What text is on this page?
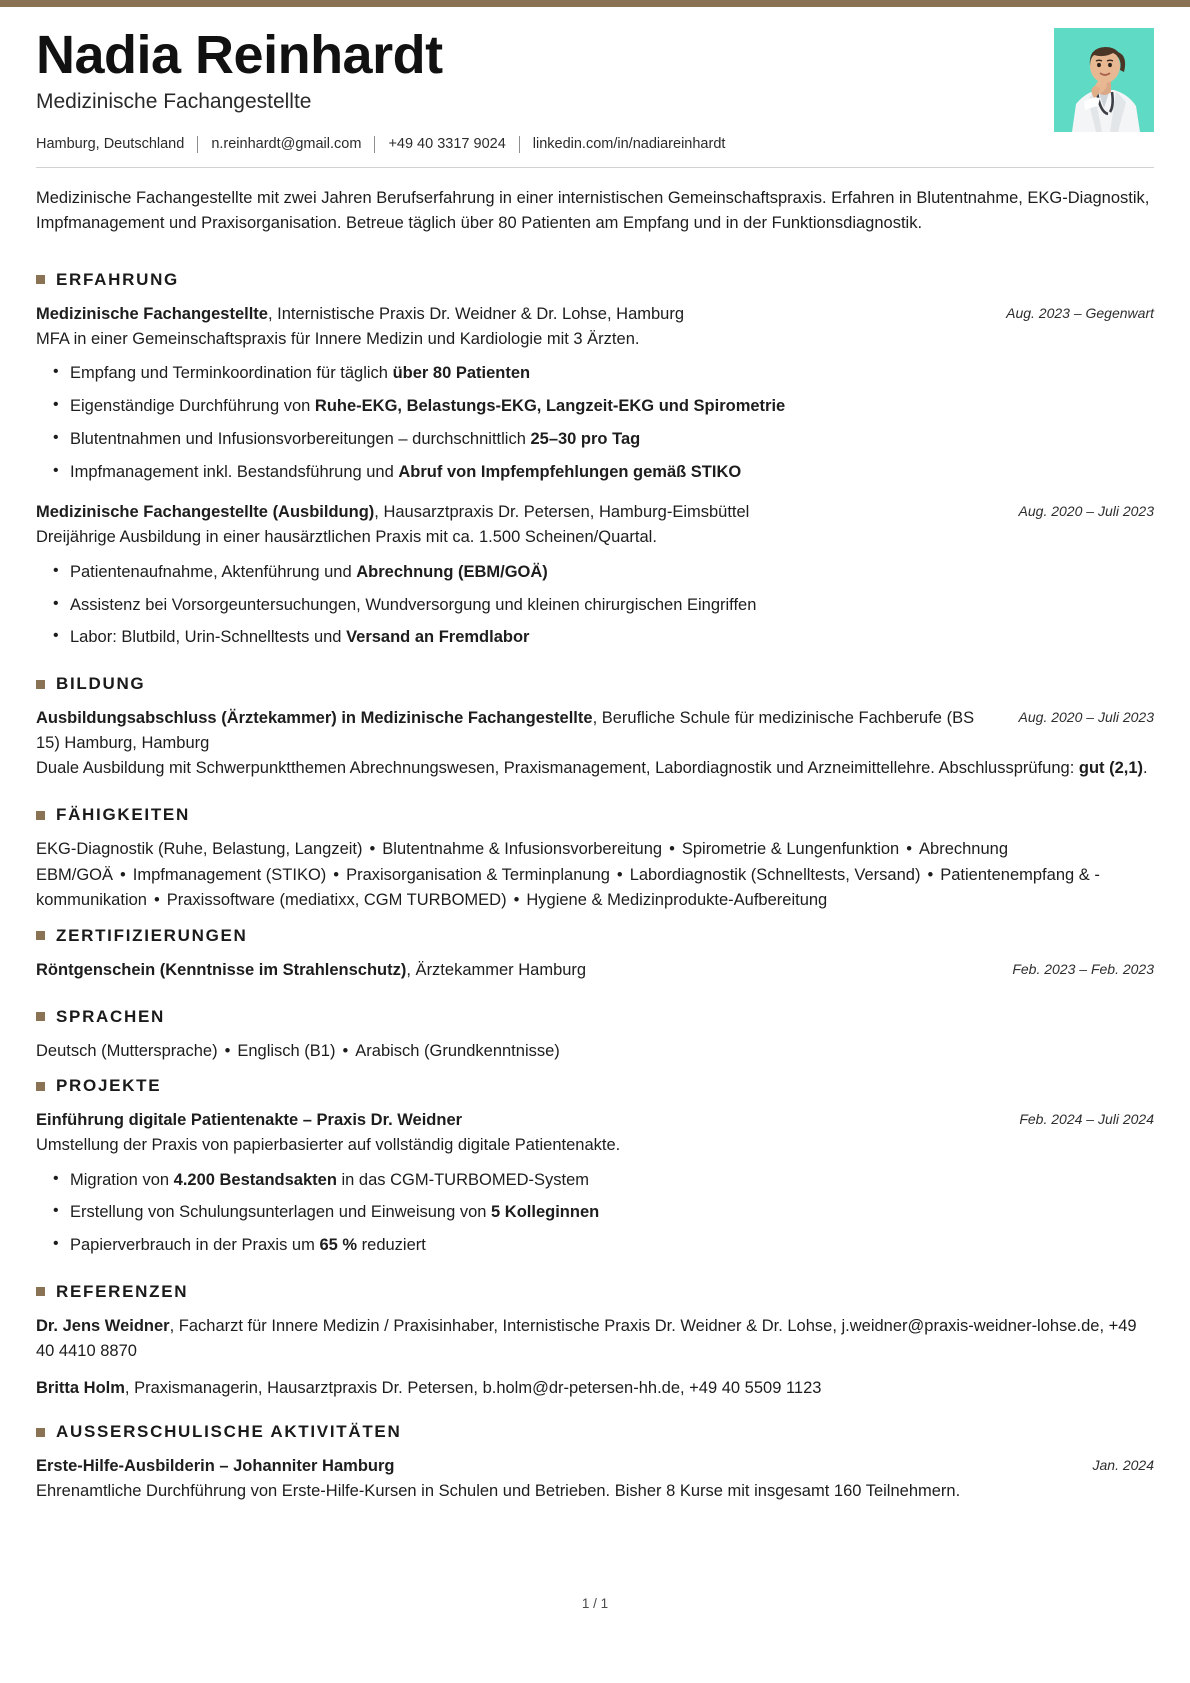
Nadia Reinhardt
Medizinische Fachangestellte
Hamburg, Deutschland n.reinhardt@gmail.com +49 40 3317 9024 linkedin.com/in/nadiareinhardt
Medizinische Fachangestellte mit zwei Jahren Berufserfahrung in einer internistischen Gemeinschaftspraxis. Erfahren in Blutentnahme, EKG-Diagnostik, Impfmanagement und Praxisorganisation. Betreue täglich über 80 Patienten am Empfang und in der Funktionsdiagnostik.
ERFAHRUNG
Medizinische Fachangestellte, Internistische Praxis Dr. Weidner & Dr. Lohse, Hamburg	Aug. 2023 – Gegenwart
MFA in einer Gemeinschaftspraxis für Innere Medizin und Kardiologie mit 3 Ärzten.
• Empfang und Terminkoordination für täglich über 80 Patienten
• Eigenständige Durchführung von Ruhe-EKG, Belastungs-EKG, Langzeit-EKG und Spirometrie
• Blutentnahmen und Infusionsvorbereitungen – durchschnittlich 25–30 pro Tag
• Impfmanagement inkl. Bestandsführung und Abruf von Impfempfehlungen gemäß STIKO
Medizinische Fachangestellte (Ausbildung), Hausarztpraxis Dr. Petersen, Hamburg-Eimsbüttel	Aug. 2020 – Juli 2023
Dreijährige Ausbildung in einer hausärztlichen Praxis mit ca. 1.500 Scheinen/Quartal.
• Patientenaufnahme, Aktenführung und Abrechnung (EBM/GOÄ)
• Assistenz bei Vorsorgeuntersuchungen, Wundversorgung und kleinen chirurgischen Eingriffen
• Labor: Blutbild, Urin-Schnelltests und Versand an Fremdlabor
BILDUNG
Ausbildungsabschluss (Ärztekammer) in Medizinische Fachangestellte, Berufliche Schule für medizinische Fachberufe (BS 15) Hamburg, Hamburg
Aug. 2020 – Juli 2023
Duale Ausbildung mit Schwerpunktthemen Abrechnungswesen, Praxismanagement, Labordiagnostik und Arzneimittellehre. Abschlussprüfung: gut (2,1).
FÄHIGKEITEN
EKG-Diagnostik (Ruhe, Belastung, Langzeit) • Blutentnahme & Infusionsvorbereitung • Spirometrie & Lungenfunktion • Abrechnung EBM/GOÄ • Impfmanagement (STIKO) • Praxisorganisation & Terminplanung • Labordiagnostik (Schnelltests, Versand) • Patientenempfang & -kommunikation • Praxissoftware (mediatixx, CGM TURBOMED) • Hygiene & Medizinprodukte-Aufbereitung
ZERTIFIZIERUNGEN
Röntgenschein (Kenntnisse im Strahlenschutz), Ärztekammer Hamburg	Feb. 2023 – Feb. 2023
SPRACHEN
Deutsch (Muttersprache) • Englisch (B1) • Arabisch (Grundkenntnisse)
PROJEKTE
Einführung digitale Patientenakte – Praxis Dr. Weidner	Feb. 2024 – Juli 2024
Umstellung der Praxis von papierbasierter auf vollständig digitale Patientenakte.
• Migration von 4.200 Bestandsakten in das CGM-TURBOMED-System
• Erstellung von Schulungsunterlagen und Einweisung von 5 Kolleginnen
• Papierverbrauch in der Praxis um 65 % reduziert
REFERENZEN
Dr. Jens Weidner, Facharzt für Innere Medizin / Praxisinhaber, Internistische Praxis Dr. Weidner & Dr. Lohse, j.weidner@praxis-weidner-lohse.de, +49 40 4410 8870
Britta Holm, Praxismanagerin, Hausarztpraxis Dr. Petersen, b.holm@dr-petersen-hh.de, +49 40 5509 1123
AUSSERSCHULISCHE AKTIVITÄTEN
Erste-Hilfe-Ausbilderin – Johanniter Hamburg	Jan. 2024
Ehrenamtliche Durchführung von Erste-Hilfe-Kursen in Schulen und Betrieben. Bisher 8 Kurse mit insgesamt 160 Teilnehmern.
1 / 1
